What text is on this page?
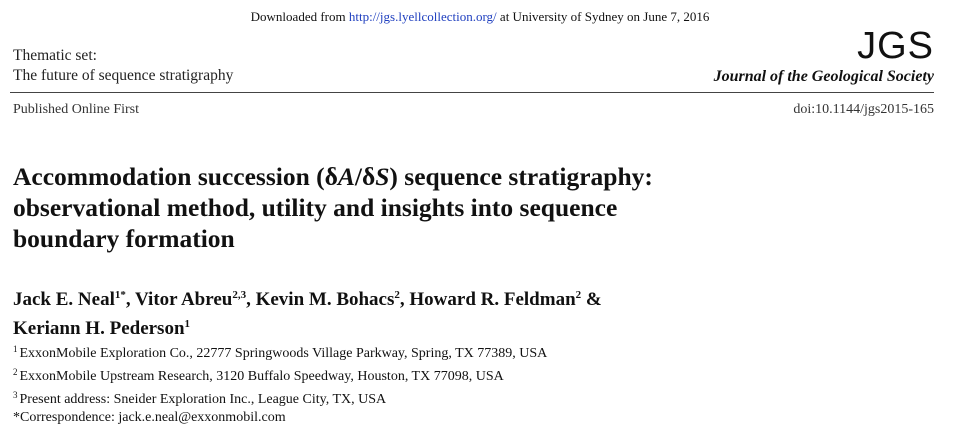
Downloaded from http://jgs.lyellcollection.org/ at University of Sydney on June 7, 2016
Thematic set:
The future of sequence stratigraphy
JGS
Journal of the Geological Society
Published Online First	doi:10.1144/jgs2015-165
Accommodation succession (δA/δS) sequence stratigraphy:
observational method, utility and insights into sequence
boundary formation
Jack E. Neal$^{1*}$, Vitor Abreu$^{2,3}$, Kevin M. Bohacs$^2$, Howard R. Feldman$^2$ &
Keriann H. Pederson$^1$
$^1$ ExxonMobile Exploration Co., 22777 Springwoods Village Parkway, Spring, TX 77389, USA
$^2$ ExxonMobile Upstream Research, 3120 Buffalo Speedway, Houston, TX 77098, USA
$^3$ Present address: Sneider Exploration Inc., League City, TX, USA
*Correspondence: jack.e.neal@exxonmobil.com
